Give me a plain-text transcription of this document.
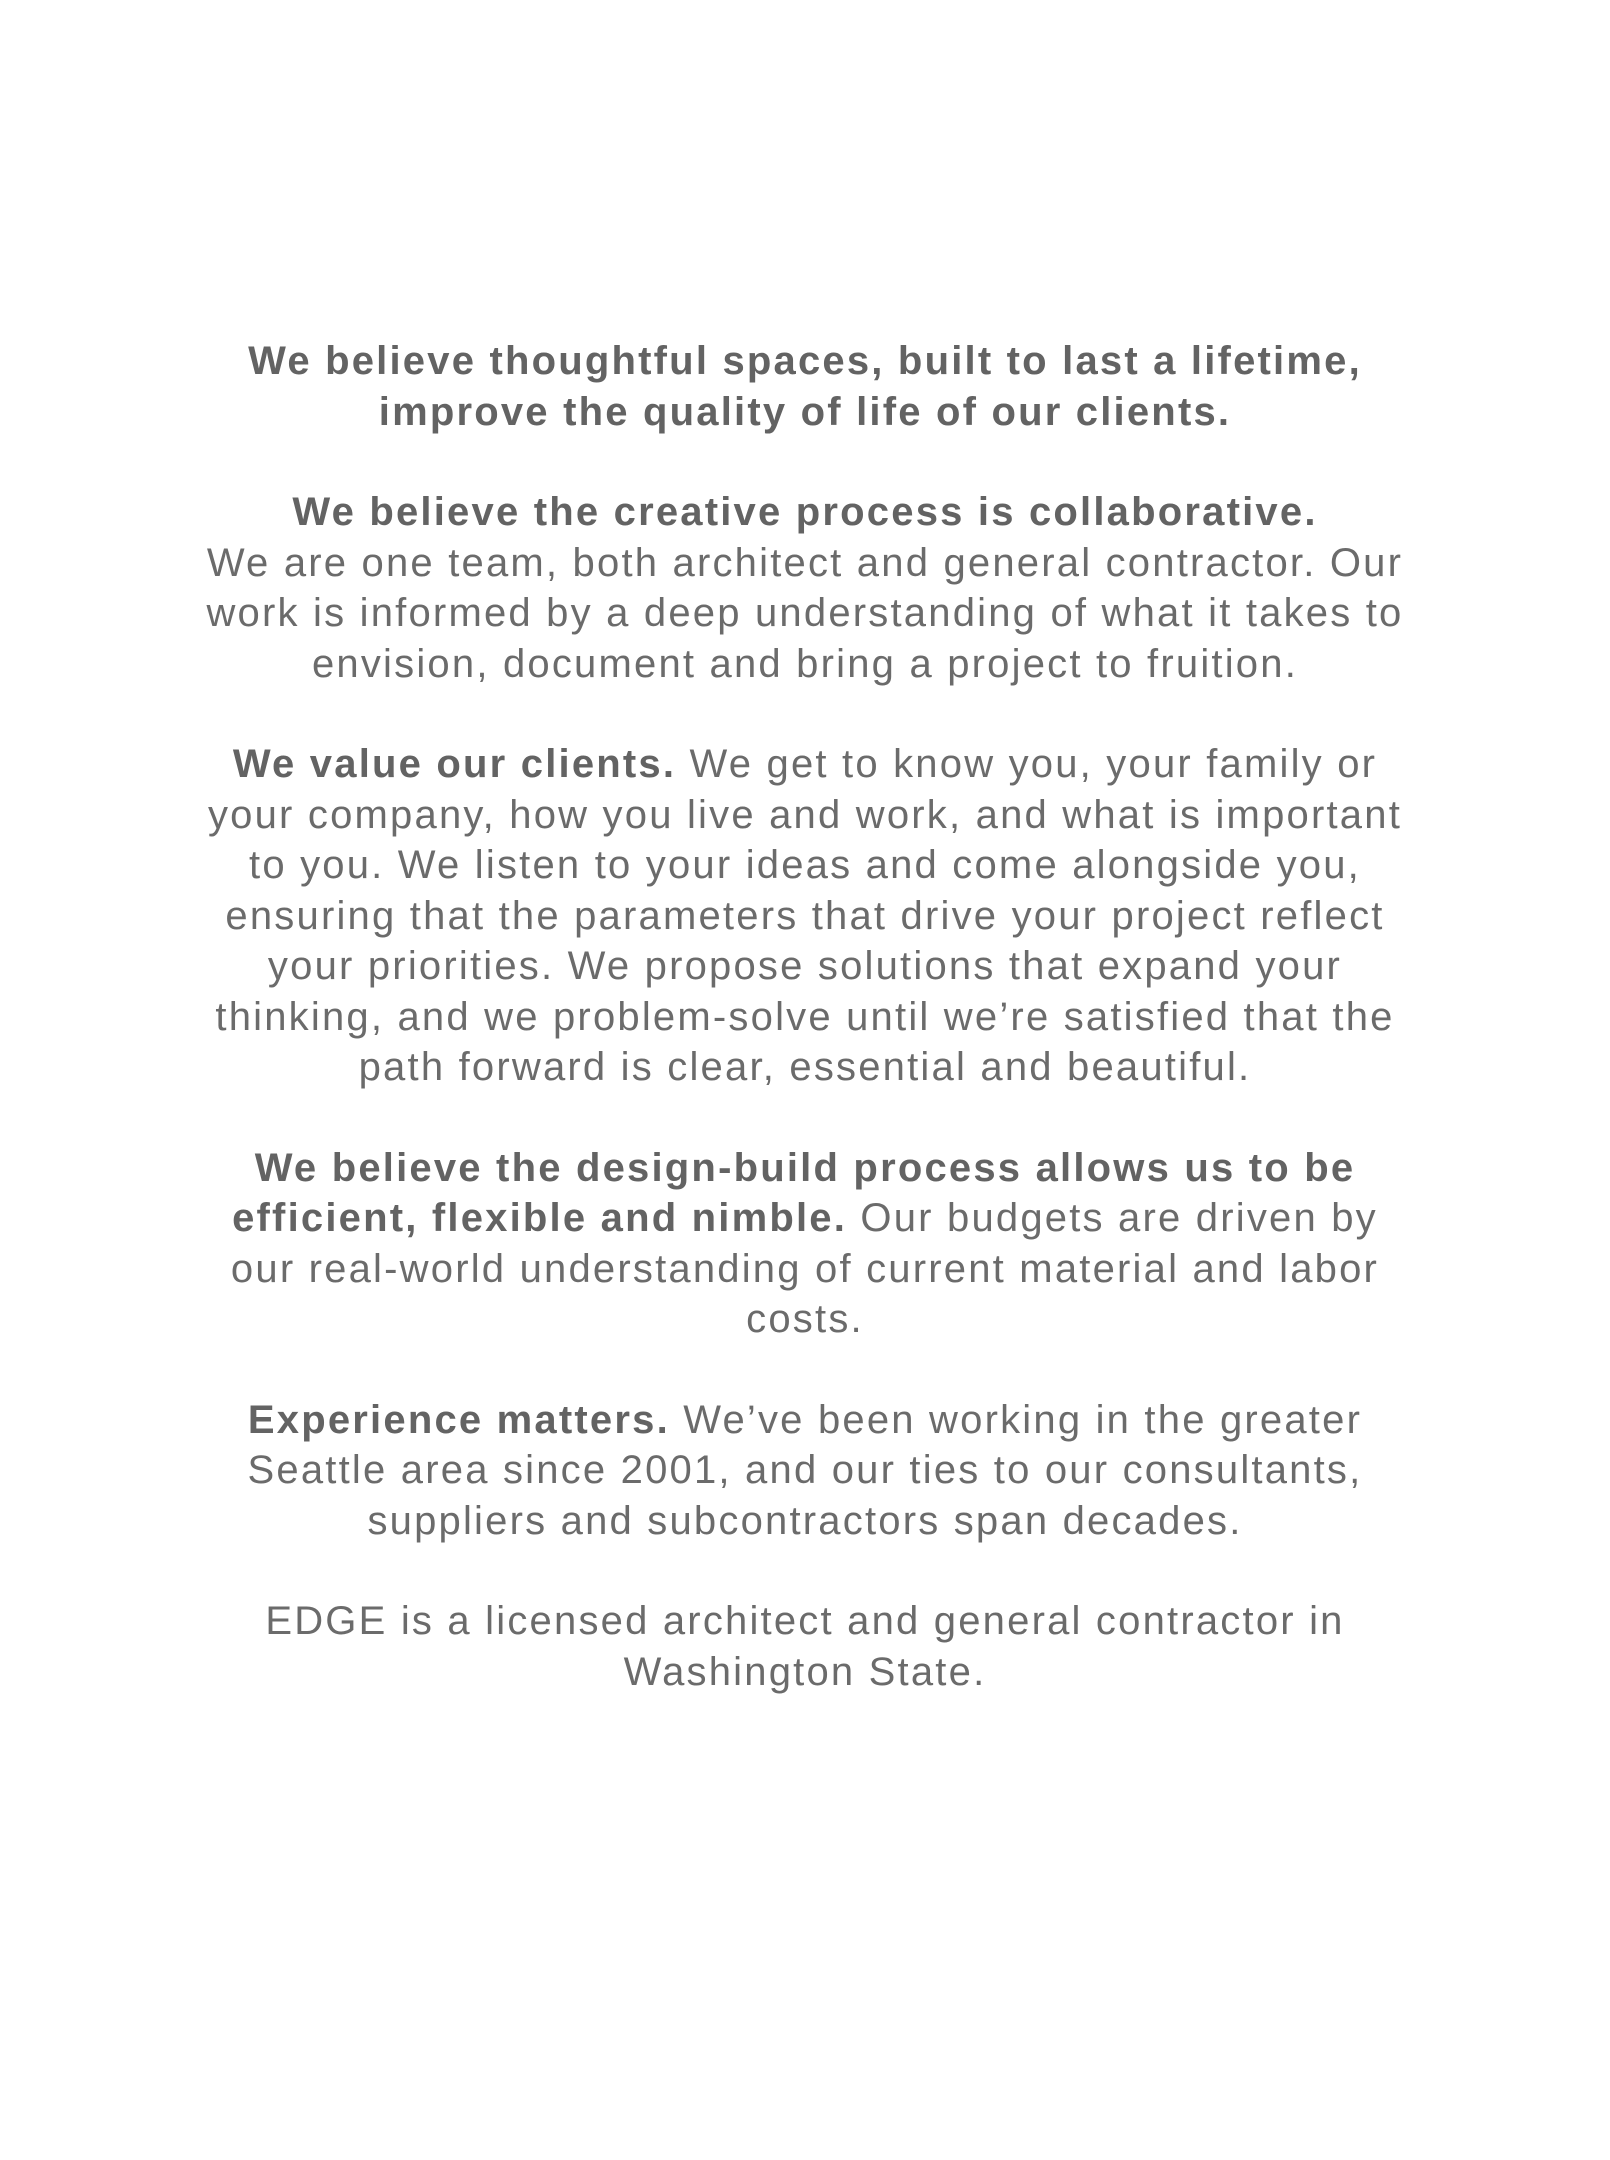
We believe thoughtful spaces, built to last a lifetime, improve the quality of life of our clients.

We believe the creative process is collaborative.
We are one team, both architect and general contractor. Our work is informed by a deep understanding of what it takes to envision, document and bring a project to fruition.

We value our clients. We get to know you, your family or your company, how you live and work, and what is important to you. We listen to your ideas and come alongside you, ensuring that the parameters that drive your project reflect your priorities. We propose solutions that expand your thinking, and we problem-solve until we’re satisfied that the path forward is clear, essential and beautiful.

We believe the design-build process allows us to be efficient, flexible and nimble. Our budgets are driven by our real-world understanding of current material and labor costs.

Experience matters. We’ve been working in the greater Seattle area since 2001, and our ties to our consultants, suppliers and subcontractors span decades.

EDGE is a licensed architect and general contractor in Washington State.
